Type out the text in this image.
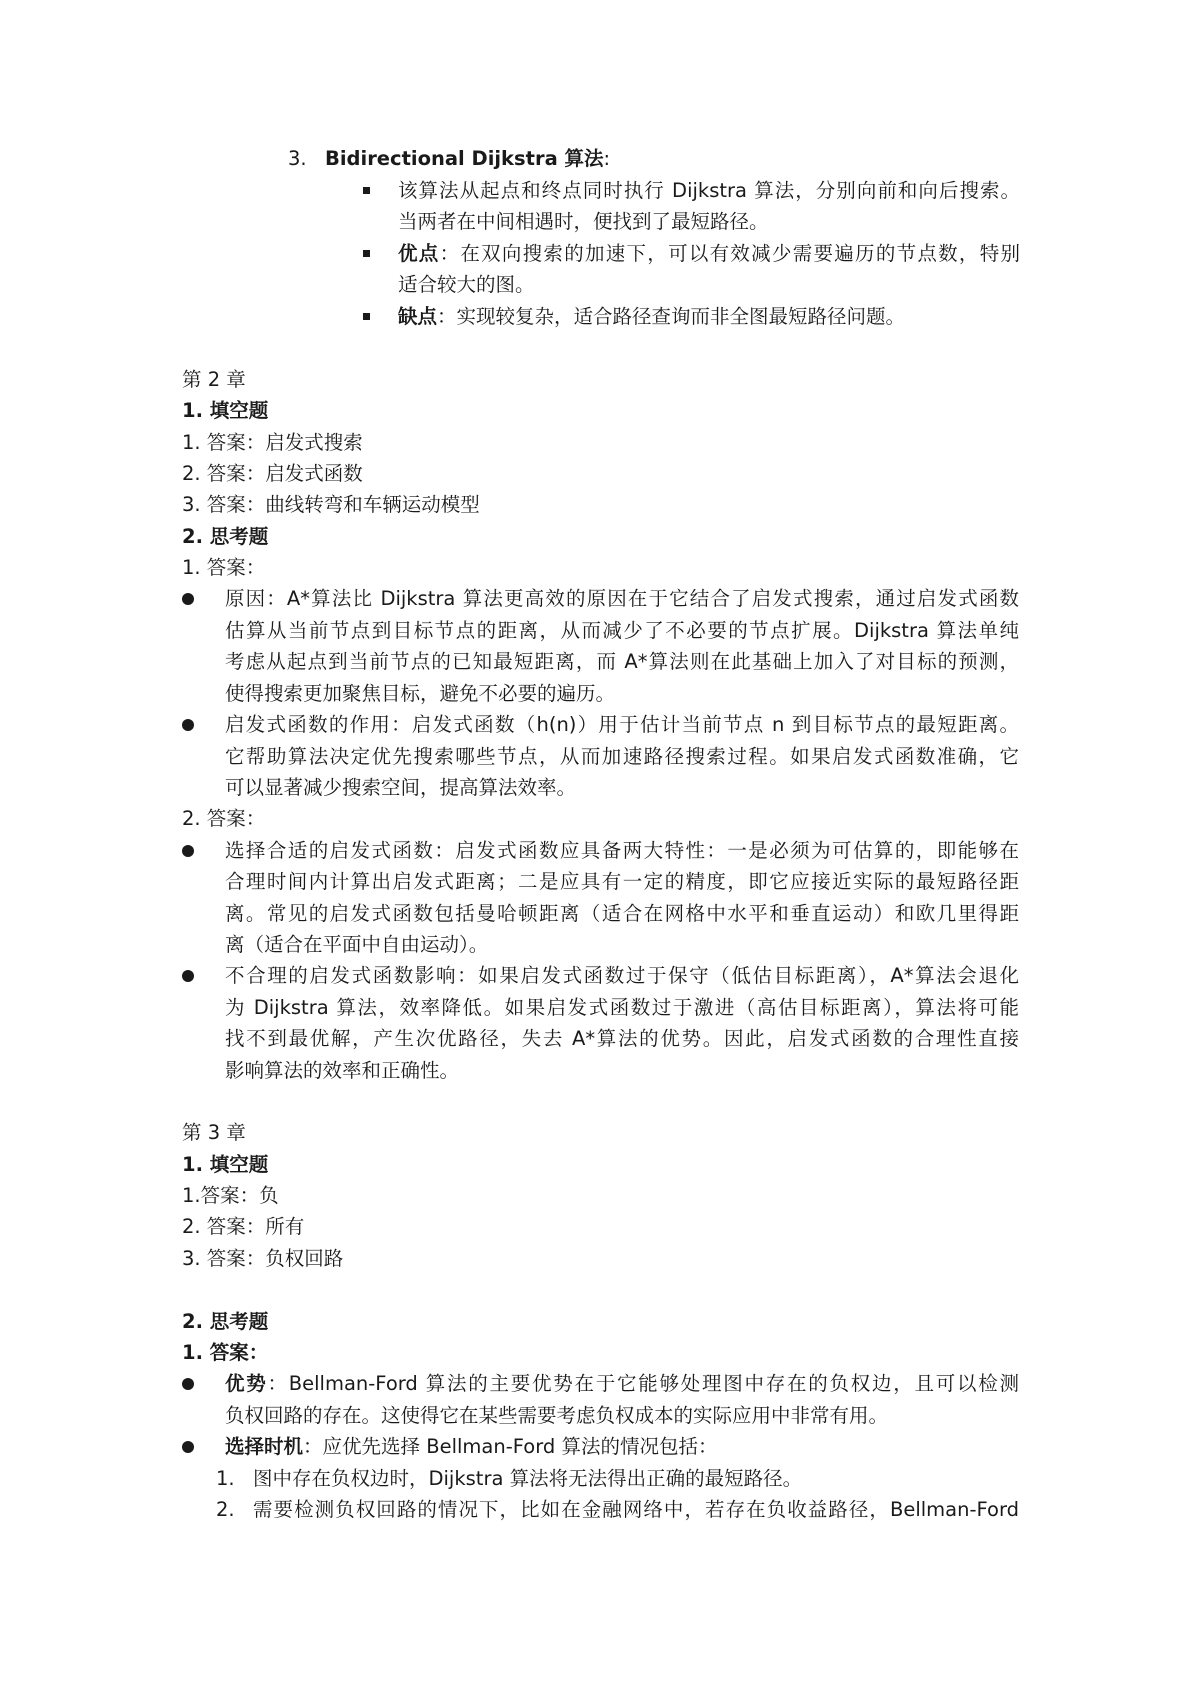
3. Bidirectional Dijkstra 算法:
该算法从起点和终点同时执行 Dijkstra 算法，分别向前和向后搜索。
当两者在中间相遇时，便找到了最短路径。
优点：在双向搜索的加速下，可以有效减少需要遍历的节点数，特别
适合较大的图。
缺点：实现较复杂，适合路径查询而非全图最短路径问题。
第 2 章
1. 填空题
1. 答案：启发式搜索
2. 答案：启发式函数
3. 答案：曲线转弯和车辆运动模型
2. 思考题
1. 答案：
原因：A*算法比 Dijkstra 算法更高效的原因在于它结合了启发式搜索，通过启发式函数
估算从当前节点到目标节点的距离，从而减少了不必要的节点扩展。Dijkstra 算法单纯
考虑从起点到当前节点的已知最短距离，而 A*算法则在此基础上加入了对目标的预测，
使得搜索更加聚焦目标，避免不必要的遍历。
启发式函数的作用：启发式函数（h(n)）用于估计当前节点 n 到目标节点的最短距离。
它帮助算法决定优先搜索哪些节点，从而加速路径搜索过程。如果启发式函数准确，它
可以显著减少搜索空间，提高算法效率。
2. 答案：
选择合适的启发式函数：启发式函数应具备两大特性：一是必须为可估算的，即能够在
合理时间内计算出启发式距离；二是应具有一定的精度，即它应接近实际的最短路径距
离。常见的启发式函数包括曼哈顿距离（适合在网格中水平和垂直运动）和欧几里得距
离（适合在平面中自由运动）。
不合理的启发式函数影响：如果启发式函数过于保守（低估目标距离），A*算法会退化
为 Dijkstra 算法，效率降低。如果启发式函数过于激进（高估目标距离），算法将可能
找不到最优解，产生次优路径，失去 A*算法的优势。因此，启发式函数的合理性直接
影响算法的效率和正确性。
第 3 章
1. 填空题
1.答案：负
2. 答案：所有
3. 答案：负权回路
2. 思考题
1. 答案：
优势：Bellman-Ford 算法的主要优势在于它能够处理图中存在的负权边，且可以检测
负权回路的存在。这使得它在某些需要考虑负权成本的实际应用中非常有用。
选择时机：应优先选择 Bellman-Ford 算法的情况包括：
1. 图中存在负权边时，Dijkstra 算法将无法得出正确的最短路径。
2. 需要检测负权回路的情况下，比如在金融网络中，若存在负收益路径，Bellman-Ford
